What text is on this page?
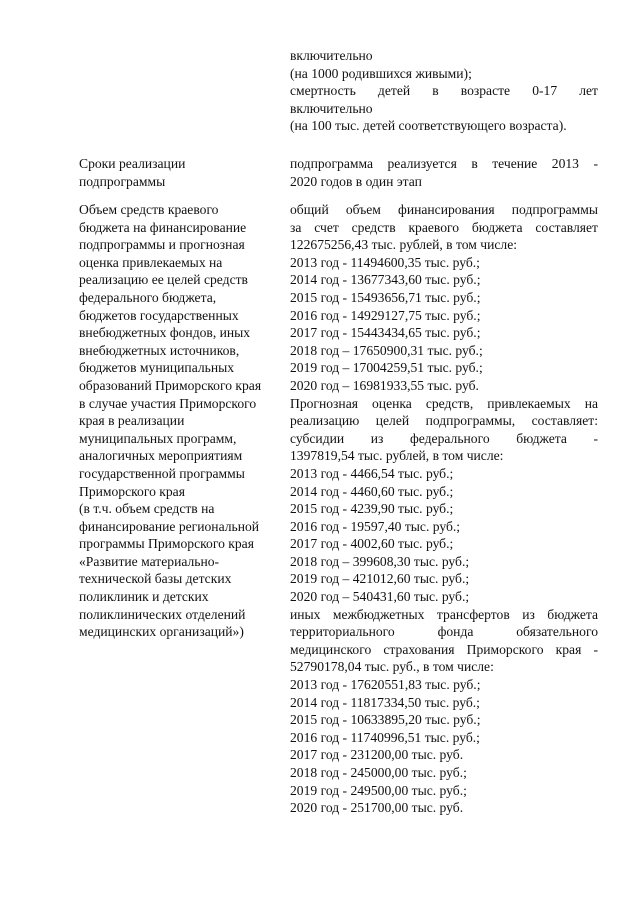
включительно
(на 1000 родившихся живыми);
смертность детей в возрасте 0-17 лет
включительно
(на 100 тыс. детей соответствующего возраста).
Сроки реализации
подпрограммы
подпрограмма реализуется в течение 2013 -
2020 годов в один этап
Объем средств краевого
бюджета на финансирование
подпрограммы и прогнозная
оценка привлекаемых на
реализацию ее целей средств
федерального бюджета,
бюджетов государственных
внебюджетных фондов, иных
внебюджетных источников,
бюджетов муниципальных
образований Приморского края
в случае участия Приморского
края в реализации
муниципальных программ,
аналогичных мероприятиям
государственной программы
Приморского края
(в т.ч. объем средств на
финансирование региональной
программы Приморского края
«Развитие материально-
технической базы детских
поликлиник и детских
поликлинических отделений
медицинских организаций»)
общий объем финансирования подпрограммы
за счет средств краевого бюджета составляет
122675256,43 тыс. рублей, в том числе:
2013 год - 11494600,35 тыс. руб.;
2014 год - 13677343,60 тыс. руб.;
2015 год - 15493656,71 тыс. руб.;
2016 год - 14929127,75 тыс. руб.;
2017 год - 15443434,65 тыс. руб.;
2018 год – 17650900,31 тыс. руб.;
2019 год – 17004259,51 тыс. руб.;
2020 год – 16981933,55 тыс. руб.
Прогнозная оценка средств, привлекаемых на
реализацию целей подпрограммы, составляет:
субсидии из федерального бюджета -
1397819,54 тыс. рублей, в том числе:
2013 год - 4466,54 тыс. руб.;
2014 год - 4460,60 тыс. руб.;
2015 год - 4239,90 тыс. руб.;
2016 год - 19597,40 тыс. руб.;
2017 год - 4002,60 тыс. руб.;
2018 год – 399608,30 тыс. руб.;
2019 год – 421012,60 тыс. руб.;
2020 год – 540431,60 тыс. руб.;
иных межбюджетных трансфертов из бюджета
территориального фонда обязательного
медицинского страхования Приморского края -
52790178,04 тыс. руб., в том числе:
2013 год - 17620551,83 тыс. руб.;
2014 год - 11817334,50 тыс. руб.;
2015 год - 10633895,20 тыс. руб.;
2016 год - 11740996,51 тыс. руб.;
2017 год - 231200,00 тыс. руб.
2018 год - 245000,00 тыс. руб.;
2019 год - 249500,00 тыс. руб.;
2020 год - 251700,00 тыс. руб.
